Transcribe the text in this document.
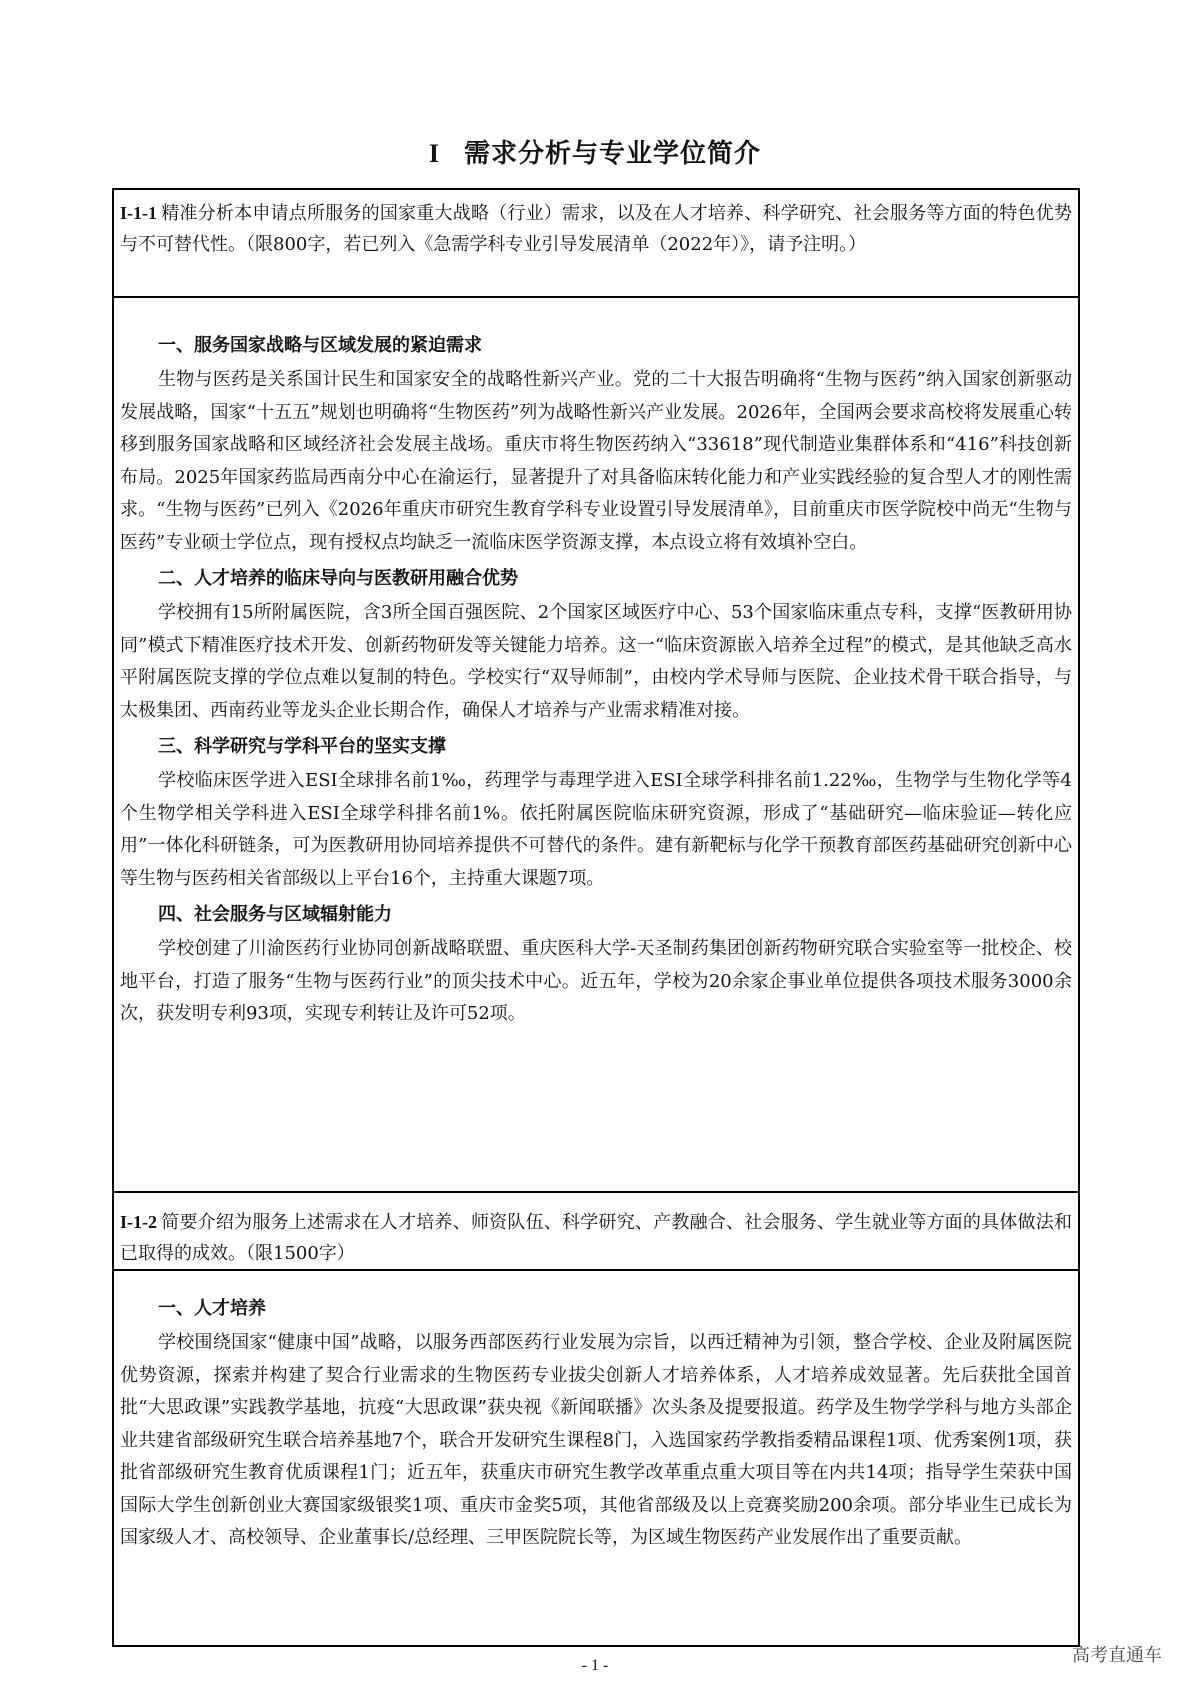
I 需求分析与专业学位简介
I-1-1 精准分析本申请点所服务的国家重大战略（行业）需求，以及在人才培养、科学研究、社会服务等方面的特色优势与不可替代性。（限800字，若已列入《急需学科专业引导发展清单（2022年）》，请予注明。）

一、服务国家战略与区域发展的紧迫需求

生物与医药是关系国计民生和国家安全的战略性新兴产业。党的二十大报告明确将“生物与医药”纳入国家创新驱动发展战略，国家“十五五”规划也明确将“生物医药”列为战略性新兴产业发展。2026年，全国两会要求高校将发展重心转移到服务国家战略和区域经济社会发展主战场。重庆市将生物医药纳入“33618”现代制造业集群体系和“416”科技创新布局。2025年国家药监局西南分中心在渝运行，显著提升了对具备临床转化能力和产业实践经验的复合型人才的刚性需求。“生物与医药”已列入《2026年重庆市研究生教育学科专业设置引导发展清单》，目前重庆市医学院校中尚无“生物与医药”专业硕士学位点，现有授权点均缺乏一流临床医学资源支撑，本点设立将有效填补空白。

二、人才培养的临床导向与医教研用融合优势

学校拥有15所附属医院，含3所全国百强医院、2个国家区域医疗中心、53个国家临床重点专科，支撑“医教研用协同”模式下精准医疗技术开发、创新药物研发等关键能力培养。这一“临床资源嵌入培养全过程”的模式，是其他缺乏高水平附属医院支撑的学位点难以复制的特色。学校实行“双导师制”，由校内学术导师与医院、企业技术骨干联合指导，与太极集团、西南药业等龙头企业长期合作，确保人才培养与产业需求精准对接。

三、科学研究与学科平台的坚实支撑

学校临床医学进入ESI全球排名前1‰，药理学与毒理学进入ESI全球学科排名前1.22‰，生物学与生物化学等4个生物学相关学科进入ESI全球学科排名前1%。依托附属医院临床研究资源，形成了“基础研究—临床验证—转化应用”一体化科研链条，可为医教研用协同培养提供不可替代的条件。建有新靶标与化学干预教育部医药基础研究创新中心等生物与医药相关省部级以上平台16个，主持重大课题7项。

四、社会服务与区域辐射能力

学校创建了川渝医药行业协同创新战略联盟、重庆医科大学-天圣制药集团创新药物研究联合实验室等一批校企、校地平台，打造了服务“生物与医药行业”的顶尖技术中心。近五年，学校为20余家企事业单位提供各项技术服务3000余次，获发明专利93项，实现专利转让及许可52项。

I-1-2 简要介绍为服务上述需求在人才培养、师资队伍、科学研究、产教融合、社会服务、学生就业等方面的具体做法和已取得的成效。（限1500字）

一、人才培养

学校围绕国家“健康中国”战略，以服务西部医药行业发展为宗旨，以西迁精神为引领，整合学校、企业及附属医院优势资源，探索并构建了契合行业需求的生物医药专业拔尖创新人才培养体系，人才培养成效显著。先后获批全国首批“大思政课”实践教学基地，抗疫“大思政课”获央视《新闻联播》次头条及提要报道。药学及生物学学科与地方头部企业共建省部级研究生联合培养基地7个，联合开发研究生课程8门，入选国家药学教指委精品课程1项、优秀案例1项，获批省部级研究生教育优质课程1门；近五年，获重庆市研究生教学改革重点重大项目等在内共14项；指导学生荣获中国国际大学生创新创业大赛国家级银奖1项、重庆市金奖5项，其他省部级及以上竞赛奖励200余项。部分毕业生已成长为国家级人才、高校领导、企业董事长/总经理、三甲医院院长等，为区域生物医药产业发展作出了重要贡献。

- 1 -	高考直通车
